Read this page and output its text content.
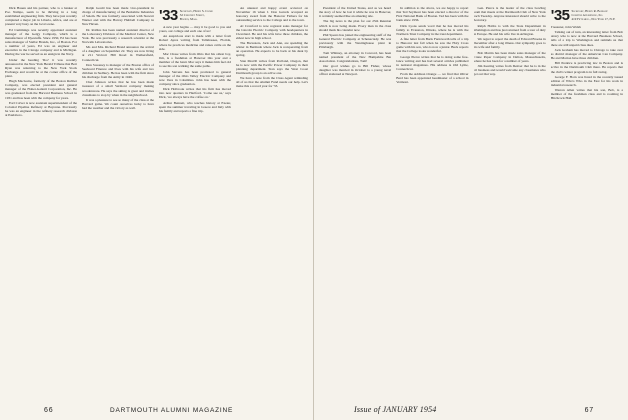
Dick Hauen and his partner, who is a banker at Poo Nampo, seem to be thriving in a long established engineering firm. They have just recently completed a major job in Liberia, Africa, and are at present very busy on the local scene.

Ed Cummings was recently appointed assistant manager of the Geigy Company, which is a manufacturer of Dyestuffs. Since 1950, Ed has been sales manager of Stellar Brands, Inc., of Boston. For a number of years, Ed was an engineer and executive in the Clarage company and is Michigan. During the war he served as an ensign in the Navy.

Under the heading 'Doc' it was recently announced in the New York Herald Tribune that Bert Ryan was returning to the New York Stock Exchange and would be at the corner office of the plant.

Hugh MacGuire, formerly of the Boston Rubber Company, was elected president and general manager of the Fisher-Galanti Corporation, Inc. He was graduated from the Harvard Business School in 1931 and has been with the company for years.

Earl Colver is now assistant superintendent of the Colonial Pipeline Refinery at Bayonne. Previously he was an engineer in the refinery research division at Paulsboro.

Ralph Gould has been made vice-president in charge of manufacturing of the Berkshire Industries of Salem. He was formerly associated with Stewart Warner and with the Harvey Hubbell Company in New Haven.

Dr. Rollins has been named assistant director of the Laboratory Division of the Medical Center, New York. He was previously a research scientist at the Norwalk Laboratories.

Mr. and Mrs. Richard Brand announce the arrival of a daughter on September 22. They are now living at 211 Wolcott Hill Road in Wethersfield, Connecticut.

Don Sweeney is manager of the Boston office of Seaboard Finance and lives with his wife and two children in Sudbury. He has been with the firm since his discharge from the Army in 1946.

Chet Johnson writes that he has been made treasurer of a small Vermont company making woodenware. He says the skiing is great and invites classmates to stop by when in the neighborhood.

It was a pleasure to see so many of the class at the Harvard game. We count ourselves lucky to have had the weather and the victory as well.

'33 Secretary, Henry S. Cooke
32 Chestnut Street,
Boston, Mass.

A new year begins — may it be good to you and yours, our college and each one of us!

An auspicious start is made with a letter from Robert Ayres writing from Tallahassee, Florida, where he practices medicine and raises cattle on the side.

Mac Chase writes from Ohio that his oldest boy, Jim, is a freshman at Hanover this year and a member of the band. Mac says it makes him feel old to see his son walking the same paths.

John Stevens has been promoted to general manager of the Ohio Valley Electric Company and now lives in Columbus. John has been with the company since graduation.

Dick Holbrook writes that his firm has moved into new quarters in Hartford. 'Come see us,' says Dick, 'we always have the coffee on.'

Arthur Bennett, who teaches history at Exeter, spent the summer traveling in Greece and Italy with his family and reports a fine trip.

An unusual and happy event occurred on November 16 when J. Don Garrels accepted an honorary award from the Hanover Fathers for his outstanding service to the College and to the town.

Al Crawford is now regional sales manager for the Lincoln Electric Company with headquarters in Cleveland. He and his wife have three children, the eldest now in high school.

The Brewsters, Jack and Ann, are spending the winter in Bermuda where Jack is recuperating from an operation. He expects to be back at his desk by spring.

Stan Morrill writes from Portland, Oregon, that he is now with the Pacific Power Company in their planning department. Stan says the West Coast Dartmouth group is an active one.

We have a note from the Class Agent reminding all of us that the Alumni Fund needs our help. Let's make this a record year for '33.

66	DARTMOUTH ALUMNI MAGAZINE

President of the United States, and as we heard the story of how he lost it while he was in Hanover, it certainly seemed like an amazing tale.

The big news is the plan for our 25th Reunion which is now being made. Every man in the class should mark his calendar now.

Phil Spears has joined the engineering staff of the General Electric Company at Schenectady. He was previously with the Westinghouse plant in Pittsburgh.

Tom Whitney, an attorney in Concord, has been named president of the New Hampshire Bar Association. Congratulations, Tom!

Our good wishes go to Bill Fisher, whose daughter was married in October to a young naval officer stationed at Newport.

In addition to the above, we are happy to report that Ted Seymour has been elected a director of the First National Bank of Boston. Ted has been with the bank since 1936.

Dick Lyons sends word that he has moved his family to Evanston, Illinois, where he is with the Northern Trust Company in the trust department.

A fine letter from Buck Farnsworth tells of a trip to Hanover last fall when he saw the Holy Cross game with his son, who is now a junior. Buck reports that the College looks wonderful.

George Pierce writes that he is doing some free-lance writing and has had several articles published in national magazines. His address is Old Lyme, Connecticut.

From the Addison Orange — we find that Oliver Bard has been appointed headmaster of a school in Vermont.

Gen. Pierce is the leader of the class bowling team that meets at the Dartmouth Club of New York each Tuesday. Anyone interested should write to the Secretary.

Ralph Hobbs is with the State Department in Washington and has just returned from a tour of duty in Europe. He and his wife live in Arlington.

We regret to report the death of Edward Brooks in December after a long illness. Our sympathy goes to his wife and family.

Bob Martin has been made sales manager of the Crane Paper Company in Dalton, Massachusetts, where he has been for a number of years.

Jim Keating writes from Denver that he is in the oil business and would welcome any classmates who get out that way.

'35 Secretary, Henry R. Bankart
Compton Advertising, Inc.
419 Fifth Ave., New York 17, N.Y.

Treasurer, John Walsh

Talking out of turn, an interesting letter from Bob Avery who is now at the Harvard Business School, tells of a trip to Washington and reminds us that there are still unpaid class dues.

Jack Graham has moved to Chicago to take over as district manager of the American Can Company. He and Marion have three children.

Bill Prentice is practicing law in Boston and is active in the Dartmouth Club there. He reports that the club's winter program is in full swing.

George F. Horn was listed in the recently issued edition of Who's Who in the East for his work in industrial research.

Warren Allen writes that his son, Bob, is a member of the freshman class and is rooming in Hitchcock Hall.

Issue of JANUARY 1954	67
